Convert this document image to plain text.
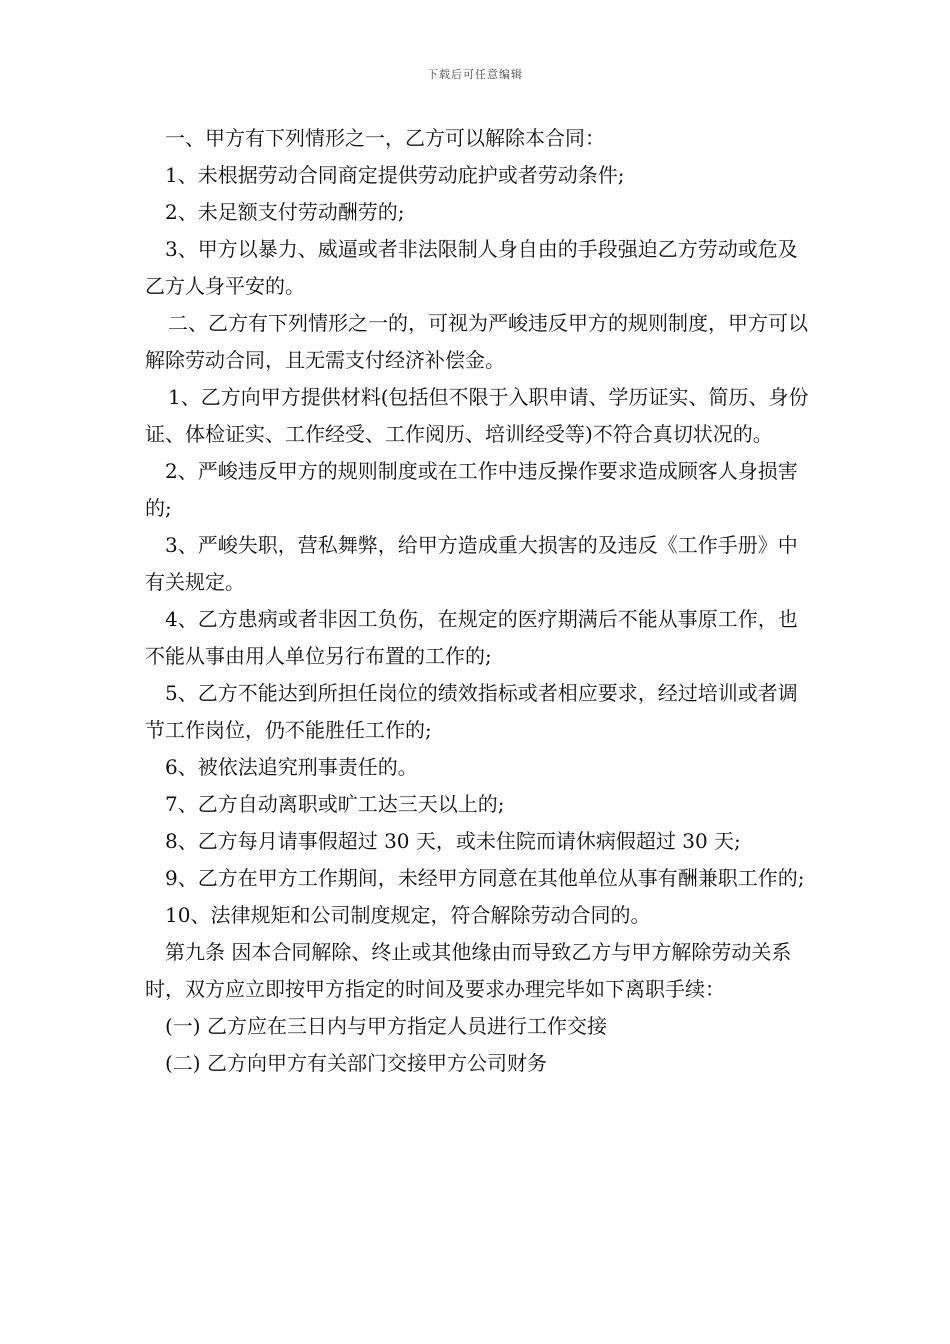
下载后可任意编辑

一、甲方有下列情形之一，乙方可以解除本合同：

1、未根据劳动合同商定提供劳动庇护或者劳动条件;

2、未足额支付劳动酬劳的;

3、甲方以暴力、威逼或者非法限制人身自由的手段强迫乙方劳动或危及乙方人身平安的。

二、乙方有下列情形之一的，可视为严峻违反甲方的规则制度，甲方可以解除劳动合同，且无需支付经济补偿金。

1、乙方向甲方提供材料(包括但不限于入职申请、学历证实、简历、身份证、体检证实、工作经受、工作阅历、培训经受等)不符合真切状况的。

2、严峻违反甲方的规则制度或在工作中违反操作要求造成顾客人身损害的;

3、严峻失职，营私舞弊，给甲方造成重大损害的及违反《工作手册》中有关规定。

4、乙方患病或者非因工负伤，在规定的医疗期满后不能从事原工作，也不能从事由用人单位另行布置的工作的;

5、乙方不能达到所担任岗位的绩效指标或者相应要求，经过培训或者调节工作岗位，仍不能胜任工作的;

6、被依法追究刑事责任的。

7、乙方自动离职或旷工达三天以上的;

8、乙方每月请事假超过 30 天，或未住院而请休病假超过 30 天;

9、乙方在甲方工作期间，未经甲方同意在其他单位从事有酬兼职工作的;

10、法律规矩和公司制度规定，符合解除劳动合同的。

第九条 因本合同解除、终止或其他缘由而导致乙方与甲方解除劳动关系时，双方应立即按甲方指定的时间及要求办理完毕如下离职手续：

(一) 乙方应在三日内与甲方指定人员进行工作交接

(二) 乙方向甲方有关部门交接甲方公司财务
